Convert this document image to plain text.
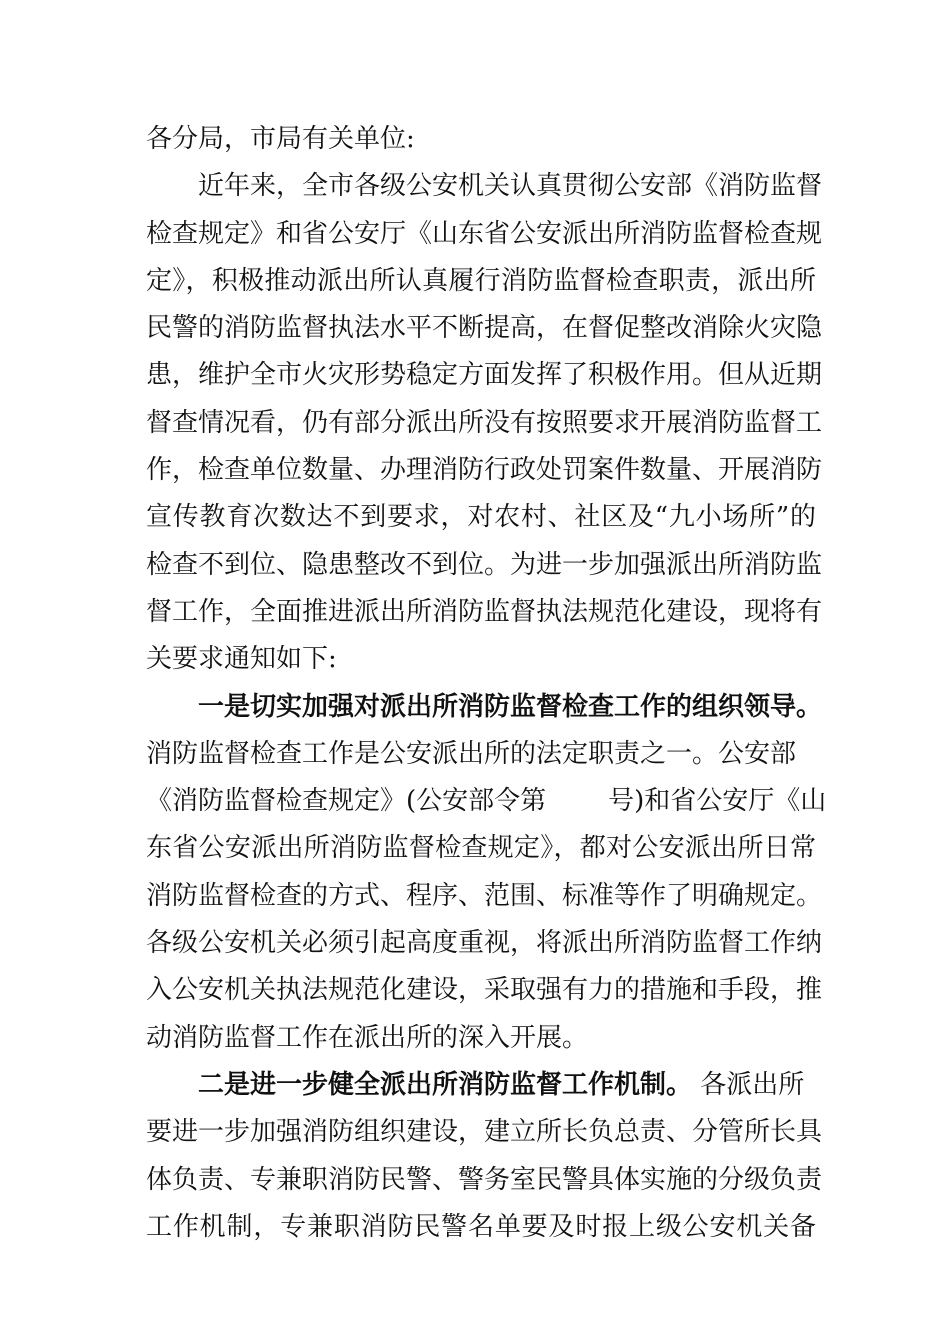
各分局，市局有关单位:
近年来，全市各级公安机关认真贯彻公安部《消防监督
检查规定》和省公安厅《山东省公安派出所消防监督检查规
定》，积极推动派出所认真履行消防监督检查职责，派出所
民警的消防监督执法水平不断提高，在督促整改消除火灾隐
患，维护全市火灾形势稳定方面发挥了积极作用。但从近期
督查情况看，仍有部分派出所没有按照要求开展消防监督工
作，检查单位数量、办理消防行政处罚案件数量、开展消防
宣传教育次数达不到要求，对农村、社区及“九小场所”的
检查不到位、隐患整改不到位。为进一步加强派出所消防监
督工作，全面推进派出所消防监督执法规范化建设，现将有
关要求通知如下:
一是切实加强对派出所消防监督检查工作的组织领导。
消防监督检查工作是公安派出所的法定职责之一。公安部
《消防监督检查规定》(公安部令第 号)和省公安厅《山
东省公安派出所消防监督检查规定》，都对公安派出所日常
消防监督检查的方式、程序、范围、标准等作了明确规定。
各级公安机关必须引起高度重视，将派出所消防监督工作纳
入公安机关执法规范化建设，采取强有力的措施和手段，推
动消防监督工作在派出所的深入开展。
二是进一步健全派出所消防监督工作机制。 各派出所
要进一步加强消防组织建设，建立所长负总责、分管所长具
体负责、专兼职消防民警、警务室民警具体实施的分级负责
工作机制，专兼职消防民警名单要及时报上级公安机关备
